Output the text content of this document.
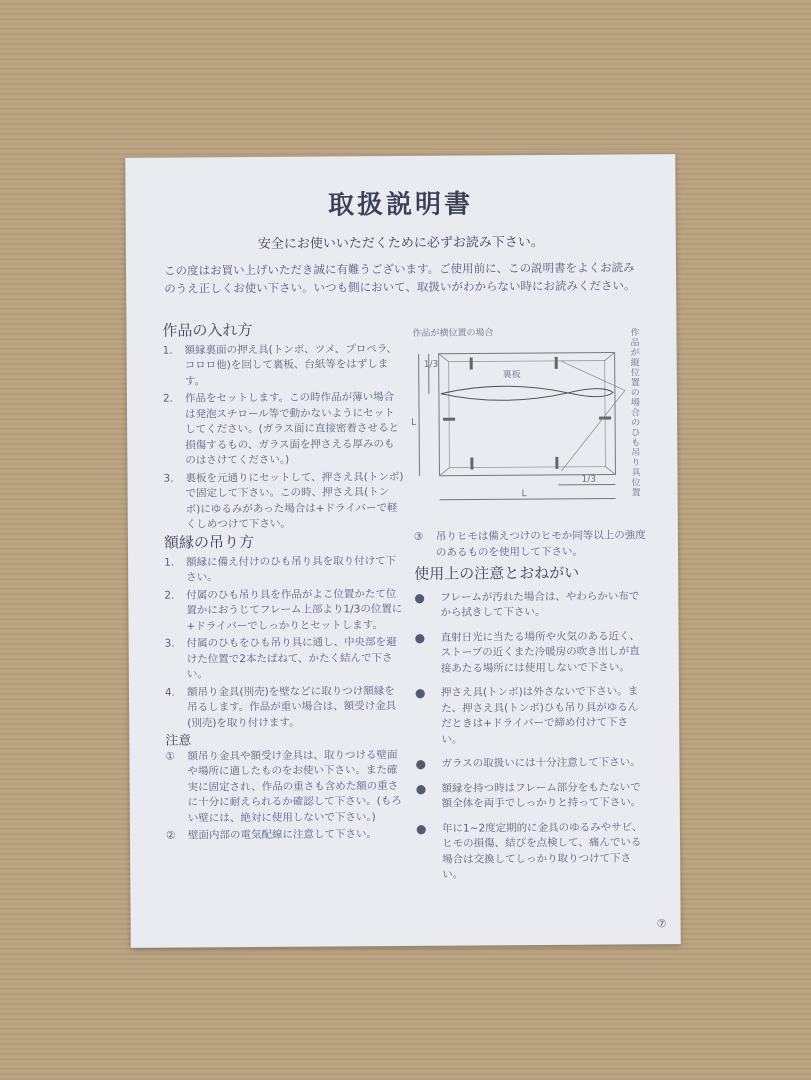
取扱説明書
安全にお使いいただくために必ずお読み下さい。
この度はお買い上げいただき誠に有難うございます。ご使用前に、この説明書をよくお読みのうえ正しくお使い下さい。いつも側において、取扱いがわからない時にお読みください。
作品の入れ方
1.	額縁裏面の押え具(トンボ、ツメ、プロペラ、コロロ他)を回して裏板、台紙等をはずします。
2.	作品をセットします。この時作品が薄い場合は発泡スチロール等で動かないようにセットしてください。(ガラス面に直接密着させると損傷するもの、ガラス面を押さえる厚みのものはさけてください。)
3.	裏板を元通りにセットして、押さえ具(トンボ)で固定して下さい。この時、押さえ具(トンボ)にゆるみがあった場合は+ドライバーで軽くしめつけて下さい。
額縁の吊り方
1.	額縁に備え付けのひも吊り具を取り付けて下さい。
2.	付属のひも吊り具を作品がよこ位置かたて位置かにおうじてフレーム上部より1/3の位置に+ドライバーでしっかりとセットします。
3.	付属のひもをひも吊り具に通し、中央部を避けた位置で2本たばねて、かたく結んで下さい。
4.	額吊り金具(別売)を壁などに取りつけ額縁を吊るします。作品が重い場合は、額受け金具(別売)を取り付けます。
注意
①	額吊り金具や額受け金具は、取りつける壁面や場所に適したものをお使い下さい。また確実に固定され、作品の重さも含めた額の重さに十分に耐えられるか確認して下さい。(もろい壁には、絶対に使用しないで下さい。)
②	壁面内部の電気配線に注意して下さい。
作品が横位置の場合
1/3
裏板
L
L
1/3
作品が縦位置の場合のひも吊り具位置
③	吊りヒモは備えつけのヒモか同等以上の強度のあるものを使用して下さい。
使用上の注意とおねがい
●	フレームが汚れた場合は、やわらかい布でから拭きして下さい。
●	直射日光に当たる場所や火気のある近く、ストーブの近くまた冷暖房の吹き出しが直接あたる場所には使用しないで下さい。
●	押さえ具(トンボ)は外さないで下さい。また、押さえ具(トンボ)ひも吊り具がゆるんだときは+ドライバーで締め付けて下さい。
●	ガラスの取扱いには十分注意して下さい。
●	額縁を持つ時はフレーム部分をもたないで額全体を両手でしっかりと持って下さい。
●	年に1~2度定期的に金具のゆるみやサビ、ヒモの損傷、結びを点検して、痛んでいる場合は交換してしっかり取りつけて下さい。
⑦
